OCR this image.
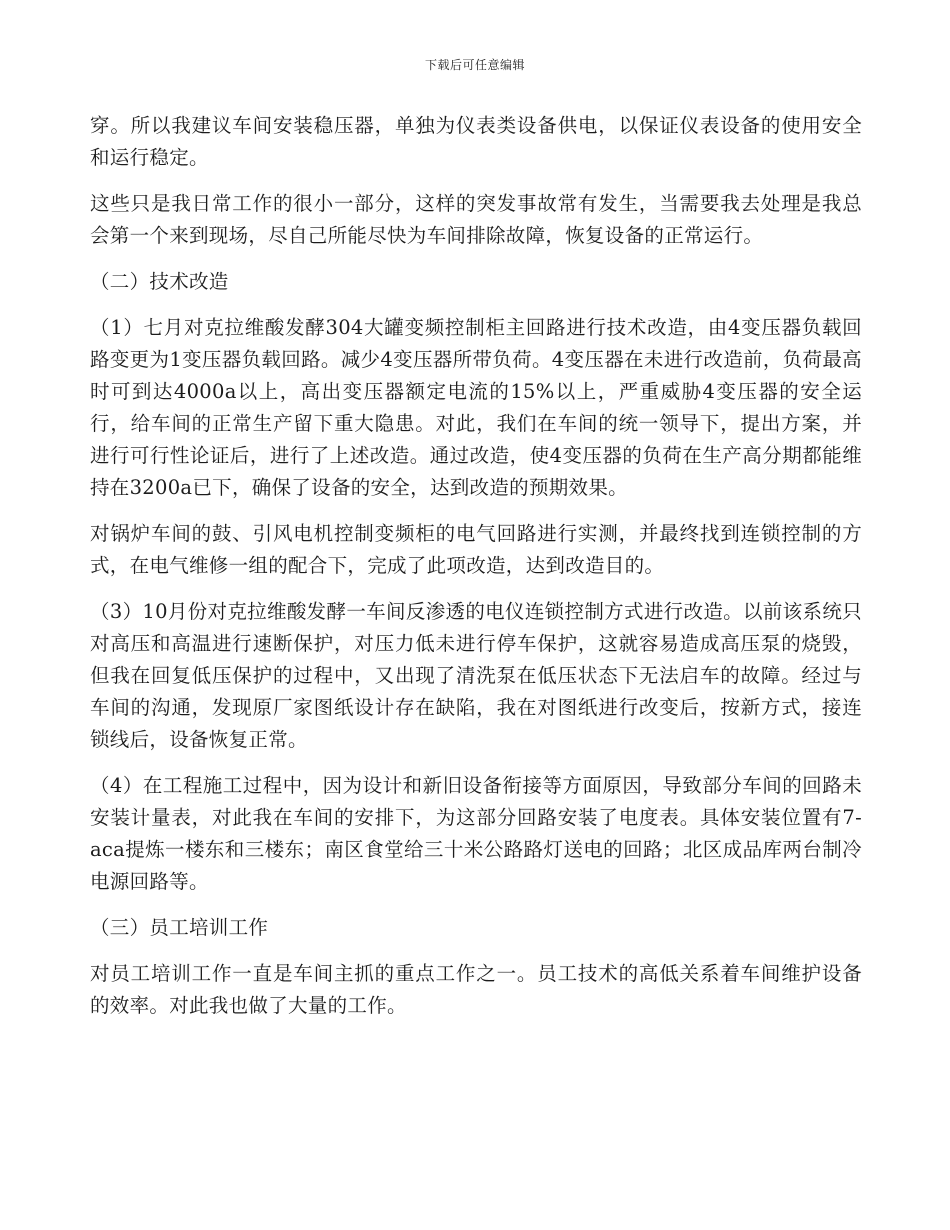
下载后可任意编辑

穿。所以我建议车间安装稳压器，单独为仪表类设备供电，以保证仪表设备的使用安全和运行稳定。

这些只是我日常工作的很小一部分，这样的突发事故常有发生，当需要我去处理是我总会第一个来到现场，尽自己所能尽快为车间排除故障，恢复设备的正常运行。

（二）技术改造

（1）七月对克拉维酸发酵304大罐变频控制柜主回路进行技术改造，由4变压器负载回路变更为1变压器负载回路。减少4变压器所带负荷。4变压器在未进行改造前，负荷最高时可到达4000a以上，高出变压器额定电流的15%以上，严重威胁4变压器的安全运行，给车间的正常生产留下重大隐患。对此，我们在车间的统一领导下，提出方案，并进行可行性论证后，进行了上述改造。通过改造，使4变压器的负荷在生产高分期都能维持在3200a已下，确保了设备的安全，达到改造的预期效果。

对锅炉车间的鼓、引风电机控制变频柜的电气回路进行实测，并最终找到连锁控制的方式，在电气维修一组的配合下，完成了此项改造，达到改造目的。

（3）10月份对克拉维酸发酵一车间反渗透的电仪连锁控制方式进行改造。以前该系统只对高压和高温进行速断保护，对压力低未进行停车保护，这就容易造成高压泵的烧毁，但我在回复低压保护的过程中，又出现了清洗泵在低压状态下无法启车的故障。经过与车间的沟通，发现原厂家图纸设计存在缺陷，我在对图纸进行改变后，按新方式，接连锁线后，设备恢复正常。

（4）在工程施工过程中，因为设计和新旧设备衔接等方面原因，导致部分车间的回路未安装计量表，对此我在车间的安排下，为这部分回路安装了电度表。具体安装位置有7-aca提炼一楼东和三楼东；南区食堂给三十米公路路灯送电的回路；北区成品库两台制冷电源回路等。

（三）员工培训工作

对员工培训工作一直是车间主抓的重点工作之一。员工技术的高低关系着车间维护设备的效率。对此我也做了大量的工作。
